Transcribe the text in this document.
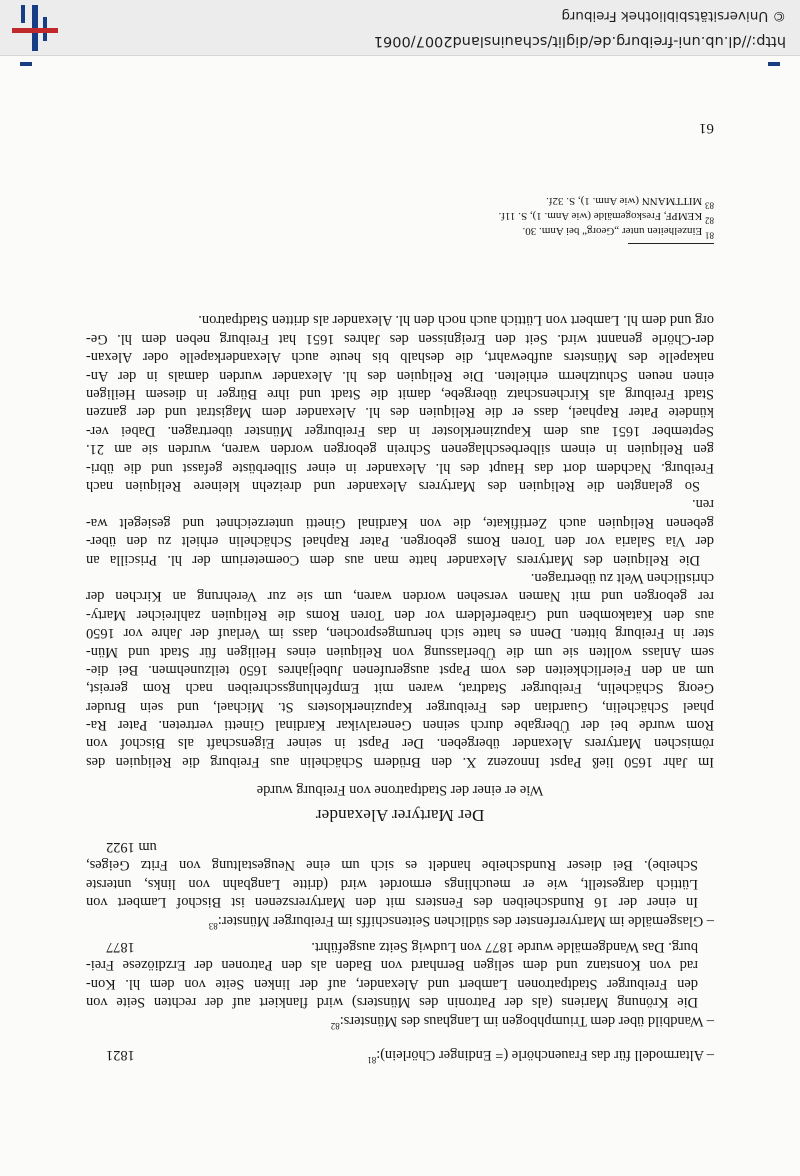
– Altarmodell für das Frauenchörle (= Endinger Chörlein):$^{81}$
1821
– Wandbild über dem Triumphbogen im Langhaus des Münsters:$^{82}$
Die Krönung Mariens (als der Patronin des Münsters) wird flankiert auf der rechten Seite von
den Freiburger Stadtpatronen Lambert und Alexander, auf der linken Seite von dem hl. Kon-
rad von Konstanz und dem seligen Bernhard von Baden als den Patronen der Erzdiözese Frei-
burg. Das Wandgemälde wurde 1877 von Ludwig Seitz ausgeführt.
1877
– Glasgemälde im Martyrerfenster des südlichen Seitenschiffs im Freiburger Münster:$^{83}$
In einer der 16 Rundscheiben des Fensters mit den Martyrerszenen ist Bischof Lambert von
Lüttich dargestellt, wie er meuchlings ermordet wird (dritte Langbahn von links, unterste
Scheibe). Bei dieser Rundscheibe handelt es sich um eine Neugestaltung von Fritz Geiges,
um 1922
Der Martyrer Alexander
Wie er einer der Stadtpatrone von Freiburg wurde
Im Jahr 1650 ließ Papst Innozenz X. den Brüdern Schächelin aus Freiburg die Reliquien des
römischen Martyrers Alexander übergeben. Der Papst in seiner Eigenschaft als Bischof von
Rom wurde bei der Übergabe durch seinen Generalvikar Kardinal Ginetti vertreten. Pater Ra-
phael Schächelin, Guardian des Freiburger Kapuzinerklosters St. Michael, und sein Bruder
Georg Schächelin, Freiburger Stadtrat, waren mit Empfehlungsschreiben nach Rom gereist,
um an den Feierlichkeiten des vom Papst ausgerufenen Jubeljahres 1650 teilzunehmen. Bei die-
sem Anlass wollten sie um die Überlassung von Reliquien eines Heiligen für Stadt und Mün-
ster in Freiburg bitten. Denn es hatte sich herumgesprochen, dass im Verlauf der Jahre vor 1650
aus den Katakomben und Gräberfeldern vor den Toren Roms die Reliquien zahlreicher Marty-
rer geborgen und mit Namen versehen worden waren, um sie zur Verehrung an Kirchen der
christlichen Welt zu übertragen.
Die Reliquien des Martyrers Alexander hatte man aus dem Coemeterium der hl. Priscilla an
der Via Salaria vor den Toren Roms geborgen. Pater Raphael Schächelin erhielt zu den über-
gebenen Reliquien auch Zertifikate, die von Kardinal Ginetti unterzeichnet und gesiegelt wa-
ren.
So gelangten die Reliquien des Martyrers Alexander und dreizehn kleinere Reliquien nach
Freiburg. Nachdem dort das Haupt des hl. Alexander in einer Silberbüste gefasst und die übri-
gen Reliquien in einem silberbeschlagenen Schrein geborgen worden waren, wurden sie am 21.
September 1651 aus dem Kapuzinerkloster in das Freiburger Münster übertragen. Dabei ver-
kündete Pater Raphael, dass er die Reliquien des hl. Alexander dem Magistrat und der ganzen
Stadt Freiburg als Kirchenschatz übergebe, damit die Stadt und ihre Bürger in diesem Heiligen
einen neuen Schutzherrn erhielten. Die Reliquien des hl. Alexander wurden damals in der An-
nakapelle des Münsters aufbewahrt, die deshalb bis heute auch Alexanderkapelle oder Alexan-
der-Chörle genannt wird. Seit den Ereignissen des Jahres 1651 hat Freiburg neben dem hl. Ge-
org und dem hl. Lambert von Lüttich auch noch den hl. Alexander als dritten Stadtpatron.
$^{81}$ Einzelheiten unter „Georg“ bei Anm. 30.
$^{82}$ KEMPF, Freskogemälde (wie Anm. 1), S. 11f.
$^{83}$ MITTMANN (wie Anm. 1), S. 32f.
61
http://dl.ub.uni-freiburg.de/diglit/schauinsland2007/0061
© Universitätsbibliothek Freiburg
